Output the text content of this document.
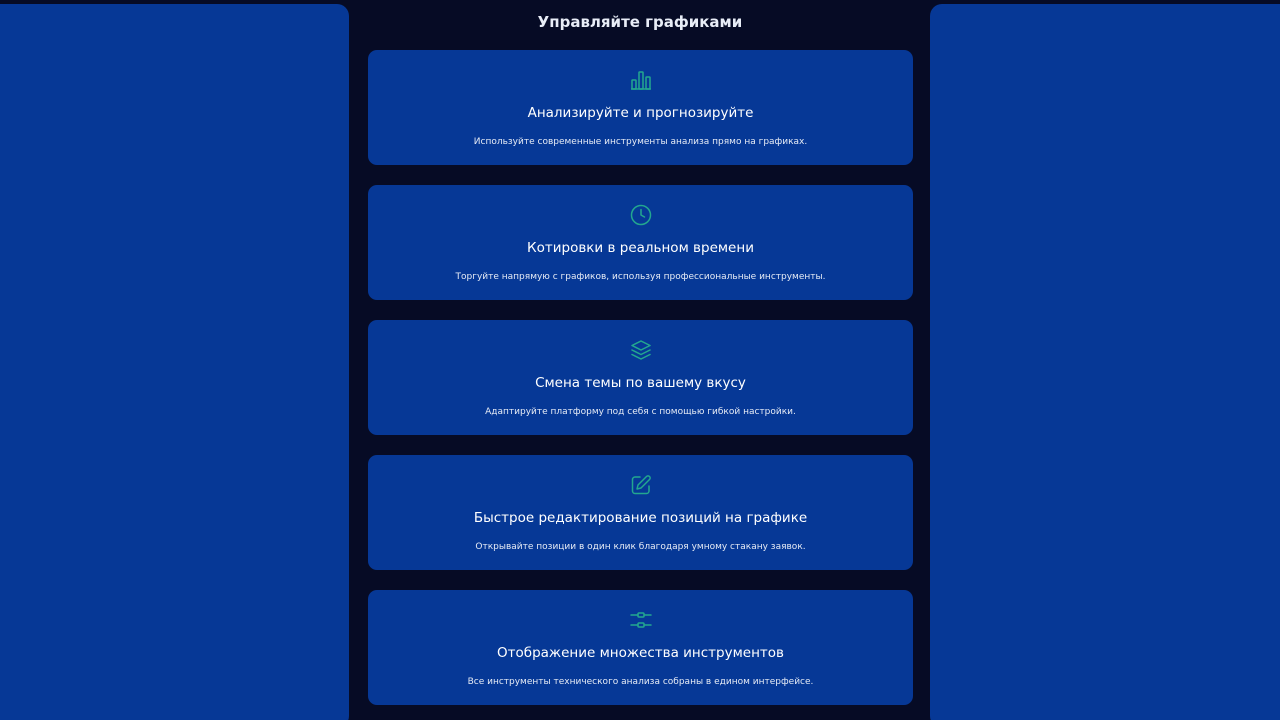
Управляйте графиками
Анализируйте и прогнозируйте
Используйте современные инструменты анализа прямо на графиках.
Котировки в реальном времени
Торгуйте напрямую с графиков, используя профессиональные инструменты.
Смена темы по вашему вкусу
Адаптируйте платформу под себя с помощью гибкой настройки.
Быстрое редактирование позиций на графике
Открывайте позиции в один клик благодаря умному стакану заявок.
Отображение множества инструментов
Все инструменты технического анализа собраны в едином интерфейсе.
